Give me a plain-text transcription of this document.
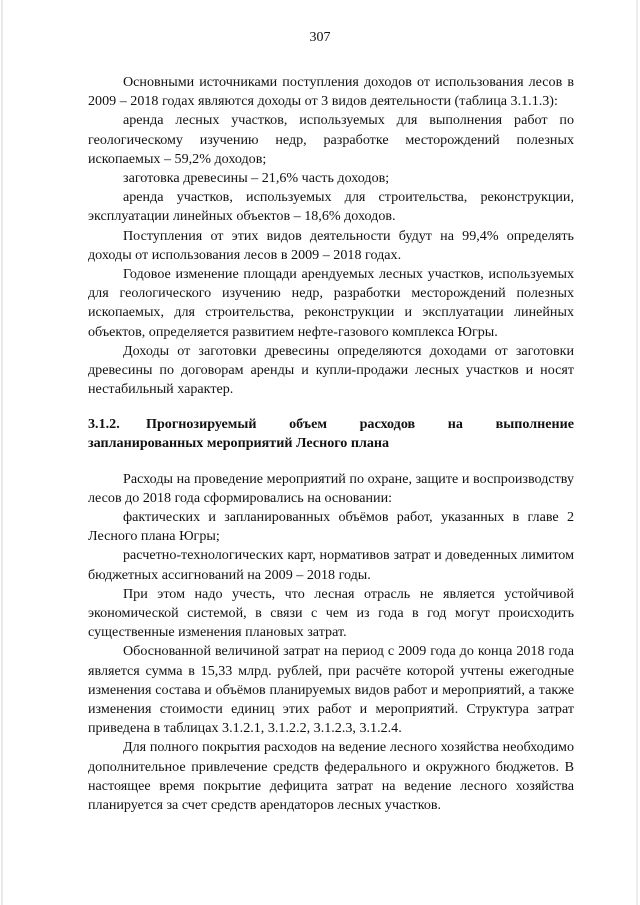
307

Основными источниками поступления доходов от использования лесов в 2009 – 2018 годах являются доходы от 3 видов деятельности (таблица 3.1.1.3):

аренда лесных участков, используемых для выполнения работ по геологическому изучению недр, разработке месторождений полезных ископаемых – 59,2% доходов;

заготовка древесины – 21,6% часть доходов;

аренда участков, используемых для строительства, реконструкции, эксплуатации линейных объектов – 18,6% доходов.

Поступления от этих видов деятельности будут на 99,4% определять доходы от использования лесов в 2009 – 2018 годах.

Годовое изменение площади арендуемых лесных участков, используемых для геологического изучению недр, разработки месторождений полезных ископаемых, для строительства, реконструкции и эксплуатации линейных объектов, определяется развитием нефте-газового комплекса Югры.

Доходы от заготовки древесины определяются доходами от заготовки древесины по договорам аренды и купли-продажи лесных участков и носят нестабильный характер.

3.1.2. Прогнозируемый объем расходов на выполнение запланированных мероприятий Лесного плана

Расходы на проведение мероприятий по охране, защите и воспроизводству лесов до 2018 года сформировались на основании:

фактических и запланированных объёмов работ, указанных в главе 2 Лесного плана Югры;

расчетно-технологических карт, нормативов затрат и доведенных лимитом бюджетных ассигнований на 2009 – 2018 годы.

При этом надо учесть, что лесная отрасль не является устойчивой экономической системой, в связи с чем из года в год могут происходить существенные изменения плановых затрат.

Обоснованной величиной затрат на период с 2009 года до конца 2018 года является сумма в 15,33 млрд. рублей, при расчёте которой учтены ежегодные изменения состава и объёмов планируемых видов работ и мероприятий, а также изменения стоимости единиц этих работ и мероприятий. Структура затрат приведена в таблицах 3.1.2.1, 3.1.2.2, 3.1.2.3, 3.1.2.4.

Для полного покрытия расходов на ведение лесного хозяйства необходимо дополнительное привлечение средств федерального и окружного бюджетов. В настоящее время покрытие дефицита затрат на ведение лесного хозяйства планируется за счет средств арендаторов лесных участков.
